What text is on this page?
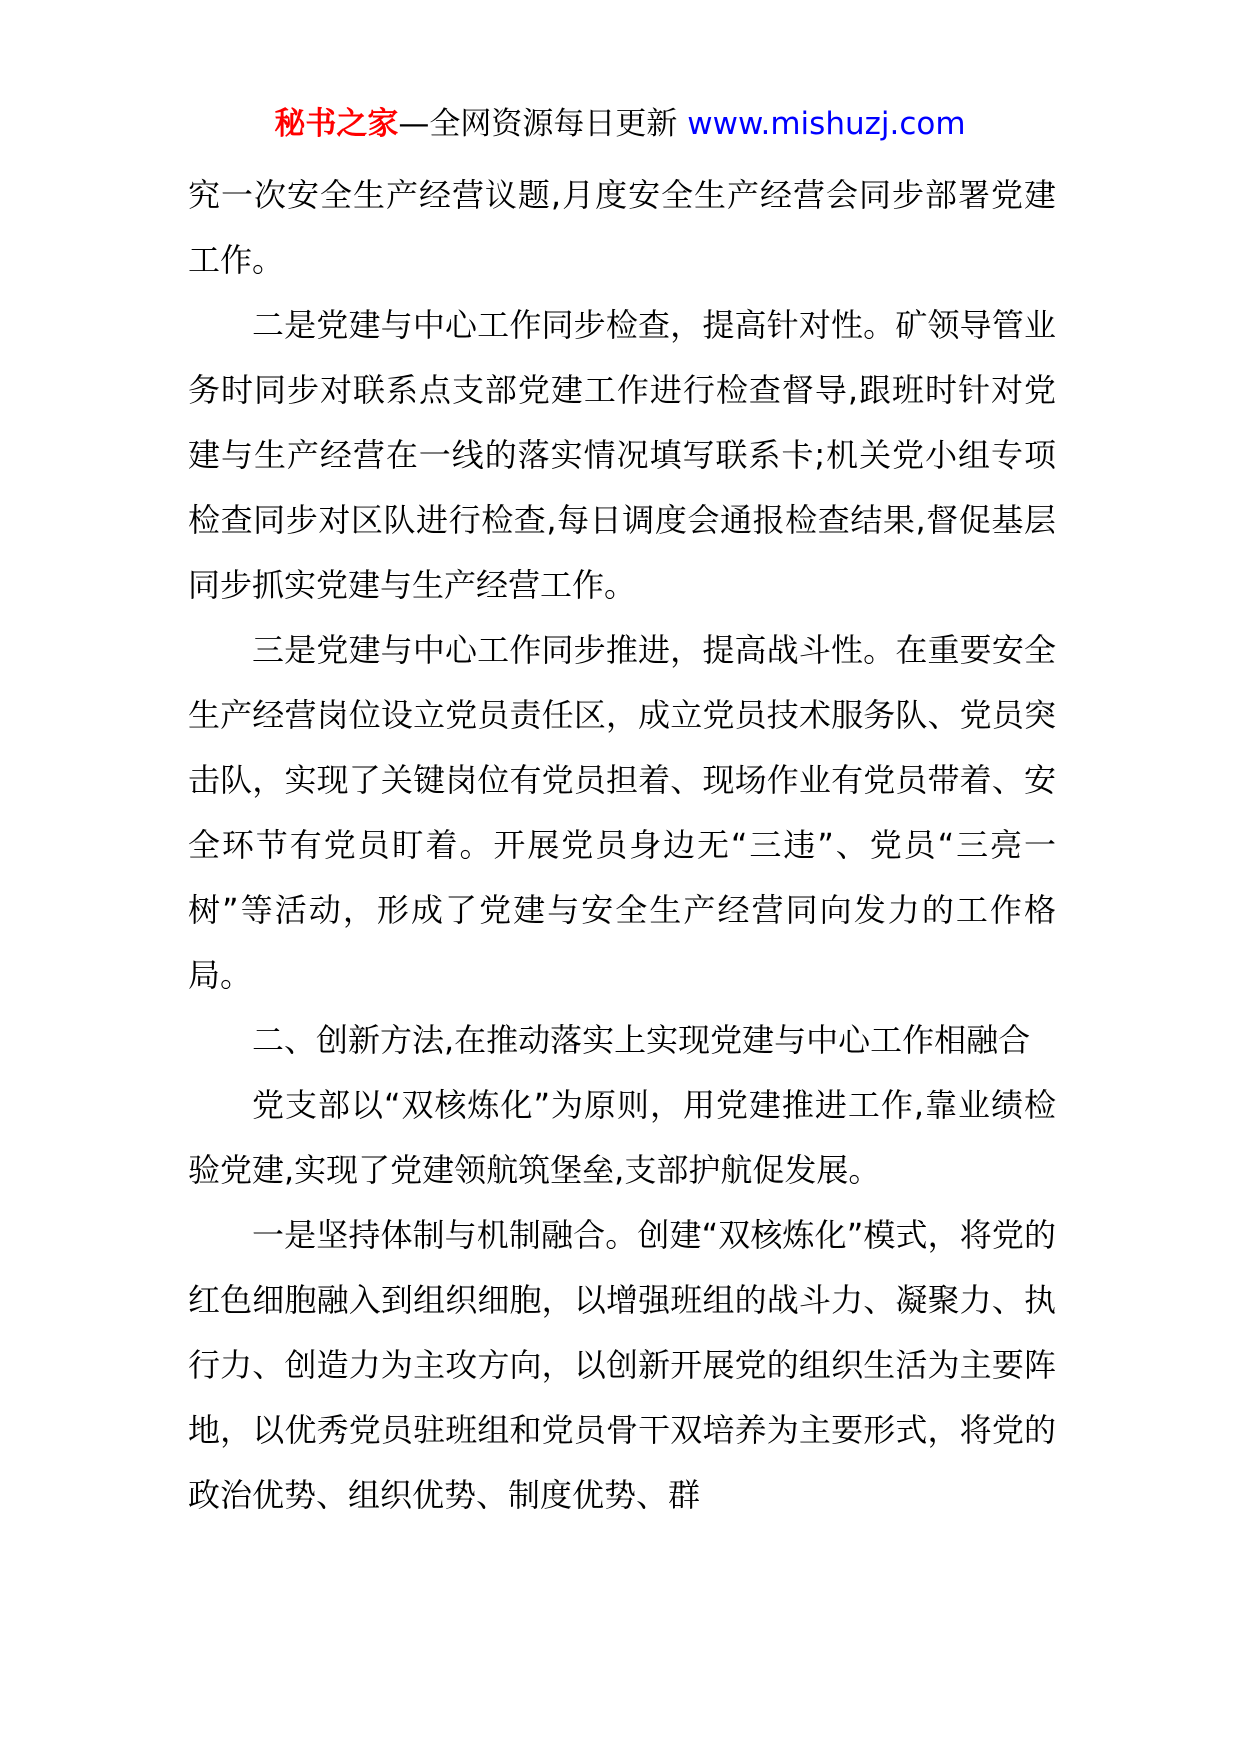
秘书之家—全网资源每日更新 www.mishuzj.com

究一次安全生产经营议题,月度安全生产经营会同步部署党建工作。

二是党建与中心工作同步检查，提高针对性。矿领导管业务时同步对联系点支部党建工作进行检查督导,跟班时针对党建与生产经营在一线的落实情况填写联系卡;机关党小组专项检查同步对区队进行检查,每日调度会通报检查结果,督促基层同步抓实党建与生产经营工作。

三是党建与中心工作同步推进，提高战斗性。在重要安全生产经营岗位设立党员责任区，成立党员技术服务队、党员突击队，实现了关键岗位有党员担着、现场作业有党员带着、安全环节有党员盯着。开展党员身边无“三违”、党员“三亮一树”等活动，形成了党建与安全生产经营同向发力的工作格局。

二、创新方法,在推动落实上实现党建与中心工作相融合

党支部以“双核炼化”为原则，用党建推进工作,靠业绩检验党建,实现了党建领航筑堡垒,支部护航促发展。

一是坚持体制与机制融合。创建“双核炼化”模式，将党的红色细胞融入到组织细胞，以增强班组的战斗力、凝聚力、执行力、创造力为主攻方向，以创新开展党的组织生活为主要阵地，以优秀党员驻班组和党员骨干双培养为主要形式，将党的政治优势、组织优势、制度优势、群
